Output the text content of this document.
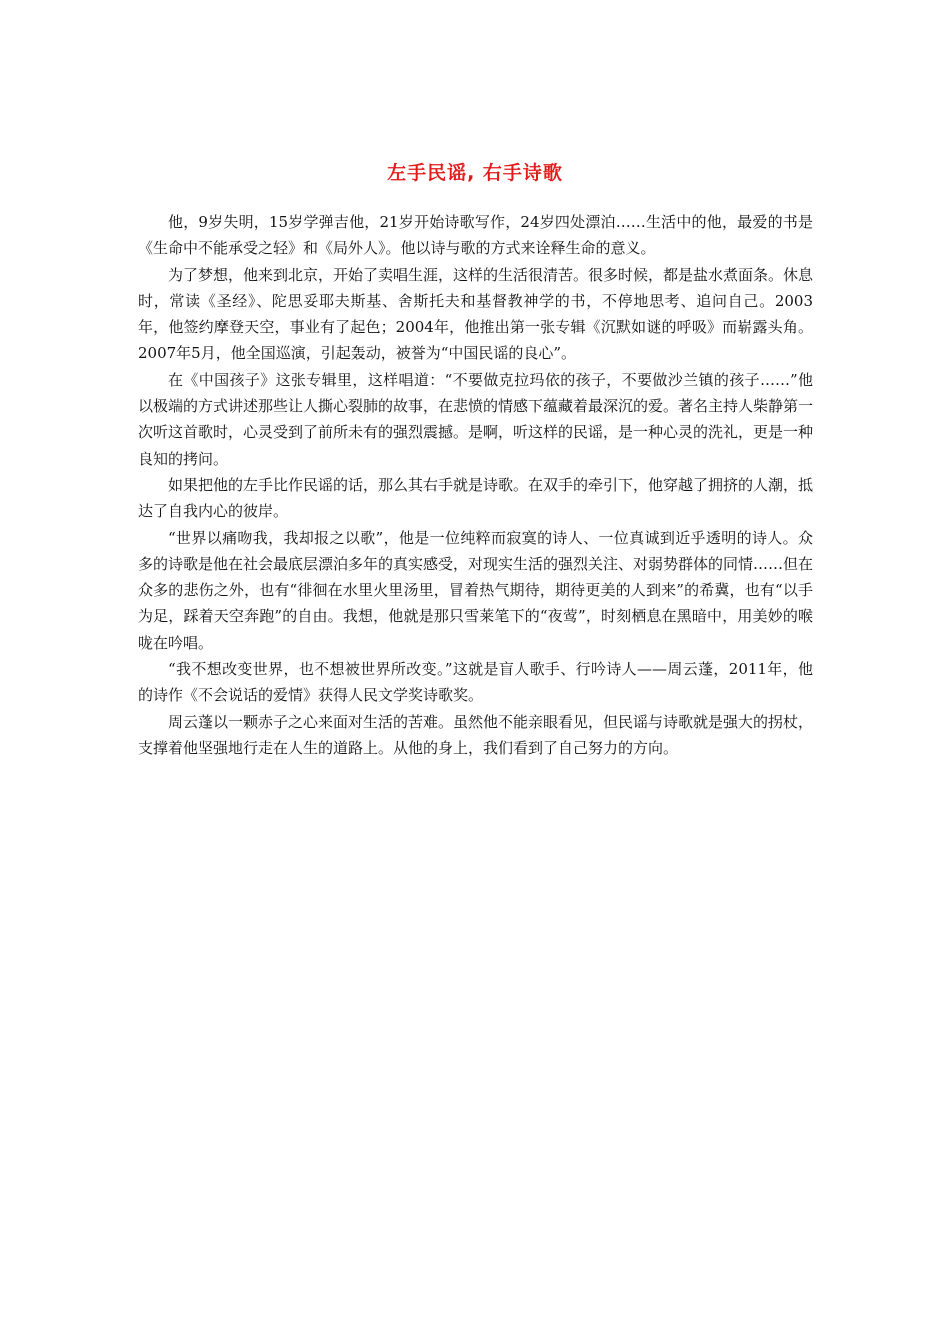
左手民谣, 右手诗歌

他，9岁失明，15岁学弹吉他，21岁开始诗歌写作，24岁四处漂泊……生活中的他，最爱的书是《生命中不能承受之轻》和《局外人》。他以诗与歌的方式来诠释生命的意义。

为了梦想，他来到北京，开始了卖唱生涯，这样的生活很清苦。很多时候，都是盐水煮面条。休息时，常读《圣经》、陀思妥耶夫斯基、舍斯托夫和基督教神学的书，不停地思考、追问自己。2003年，他签约摩登天空，事业有了起色；2004年，他推出第一张专辑《沉默如谜的呼吸》而崭露头角。2007年5月，他全国巡演，引起轰动，被誉为“中国民谣的良心”。

在《中国孩子》这张专辑里，这样唱道：“不要做克拉玛依的孩子，不要做沙兰镇的孩子……”他以极端的方式讲述那些让人撕心裂肺的故事，在悲愤的情感下蕴藏着最深沉的爱。著名主持人柴静第一次听这首歌时，心灵受到了前所未有的强烈震撼。是啊，听这样的民谣，是一种心灵的洗礼，更是一种良知的拷问。

如果把他的左手比作民谣的话，那么其右手就是诗歌。在双手的牵引下，他穿越了拥挤的人潮，抵达了自我内心的彼岸。

“世界以痛吻我，我却报之以歌”，他是一位纯粹而寂寞的诗人、一位真诚到近乎透明的诗人。众多的诗歌是他在社会最底层漂泊多年的真实感受，对现实生活的强烈关注、对弱势群体的同情……但在众多的悲伤之外，也有“徘徊在水里火里汤里，冒着热气期待，期待更美的人到来”的希冀，也有“以手为足，踩着天空奔跑”的自由。我想，他就是那只雪莱笔下的“夜莺”，时刻栖息在黑暗中，用美妙的喉咙在吟唱。

“我不想改变世界，也不想被世界所改变。”这就是盲人歌手、行吟诗人——周云蓬，2011年，他的诗作《不会说话的爱情》获得人民文学奖诗歌奖。

周云蓬以一颗赤子之心来面对生活的苦难。虽然他不能亲眼看见，但民谣与诗歌就是强大的拐杖，支撑着他坚强地行走在人生的道路上。从他的身上，我们看到了自己努力的方向。
